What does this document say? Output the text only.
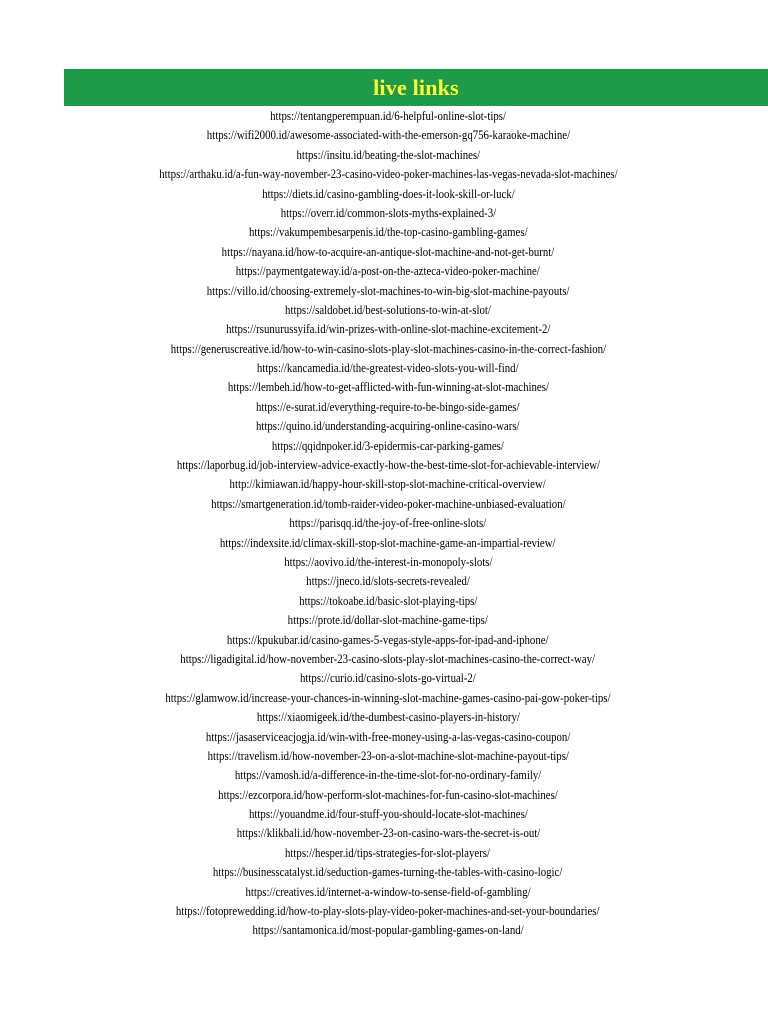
live links
https://tentangperempuan.id/6-helpful-online-slot-tips/
https://wifi2000.id/awesome-associated-with-the-emerson-gq756-karaoke-machine/
https://insitu.id/beating-the-slot-machines/
https://arthaku.id/a-fun-way-november-23-casino-video-poker-machines-las-vegas-nevada-slot-machines/
https://diets.id/casino-gambling-does-it-look-skill-or-luck/
https://overr.id/common-slots-myths-explained-3/
https://vakumpembesarpenis.id/the-top-casino-gambling-games/
https://nayana.id/how-to-acquire-an-antique-slot-machine-and-not-get-burnt/
https://paymentgateway.id/a-post-on-the-azteca-video-poker-machine/
https://villo.id/choosing-extremely-slot-machines-to-win-big-slot-machine-payouts/
https://saldobet.id/best-solutions-to-win-at-slot/
https://rsunurussyifa.id/win-prizes-with-online-slot-machine-excitement-2/
https://generuscreative.id/how-to-win-casino-slots-play-slot-machines-casino-in-the-correct-fashion/
https://kancamedia.id/the-greatest-video-slots-you-will-find/
https://lembeh.id/how-to-get-afflicted-with-fun-winning-at-slot-machines/
https://e-surat.id/everything-require-to-be-bingo-side-games/
https://quino.id/understanding-acquiring-online-casino-wars/
https://qqidnpoker.id/3-epidermis-car-parking-games/
https://laporbug.id/job-interview-advice-exactly-how-the-best-time-slot-for-achievable-interview/
http://kimiawan.id/happy-hour-skill-stop-slot-machine-critical-overview/
https://smartgeneration.id/tomb-raider-video-poker-machine-unbiased-evaluation/
https://parisqq.id/the-joy-of-free-online-slots/
https://indexsite.id/climax-skill-stop-slot-machine-game-an-impartial-review/
https://aovivo.id/the-interest-in-monopoly-slots/
https://jneco.id/slots-secrets-revealed/
https://tokoabe.id/basic-slot-playing-tips/
https://prote.id/dollar-slot-machine-game-tips/
https://kpukubar.id/casino-games-5-vegas-style-apps-for-ipad-and-iphone/
https://ligadigital.id/how-november-23-casino-slots-play-slot-machines-casino-the-correct-way/
https://curio.id/casino-slots-go-virtual-2/
https://glamwow.id/increase-your-chances-in-winning-slot-machine-games-casino-pai-gow-poker-tips/
https://xiaomigeek.id/the-dumbest-casino-players-in-history/
https://jasaserviceacjogja.id/win-with-free-money-using-a-las-vegas-casino-coupon/
https://travelism.id/how-november-23-on-a-slot-machine-slot-machine-payout-tips/
https://vamosh.id/a-difference-in-the-time-slot-for-no-ordinary-family/
https://ezcorpora.id/how-perform-slot-machines-for-fun-casino-slot-machines/
https://youandme.id/four-stuff-you-should-locate-slot-machines/
https://klikbali.id/how-november-23-on-casino-wars-the-secret-is-out/
https://hesper.id/tips-strategies-for-slot-players/
https://businesscatalyst.id/seduction-games-turning-the-tables-with-casino-logic/
https://creatives.id/internet-a-window-to-sense-field-of-gambling/
https://fotoprewedding.id/how-to-play-slots-play-video-poker-machines-and-set-your-boundaries/
https://santamonica.id/most-popular-gambling-games-on-land/
